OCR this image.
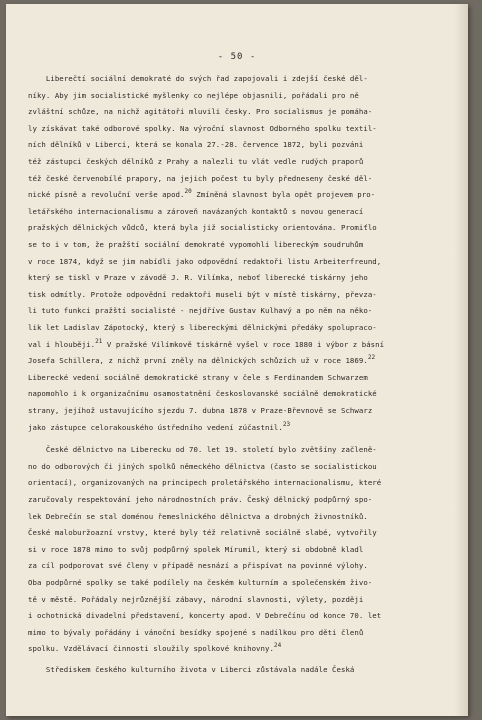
- 50 -
Liberečtí sociální demokraté do svých řad zapojovali i zdejší české děl-
níky. Aby jim socialistické myšlenky co nejlépe objasnili, pořádali pro ně
zvláštní schůze, na nichž agitátoři mluvili česky. Pro socialismus je pomáha-
ly získávat také odborové spolky. Na výroční slavnost Odborného spolku textil-
ních dělníků v Liberci, která se konala 27.-28. července 1872, byli pozváni
též zástupci českých dělníků z Prahy a nalezli tu vlát vedle rudých praporů
též české červenobílé prapory, na jejich počest tu byly předneseny české děl-
nické písně a revoluční verše apod.$^{20}$ Zmíněná slavnost byla opět projevem pro-
letářského internacionalismu a zároveň navázaných kontaktů s novou generací
pražských dělnických vůdců, která byla již socialisticky orientována. Promiťlo
se to i v tom, že pražští sociální demokraté vypomohli libereckým soudruhům
v roce 1874, když se jim nabídli jako odpovědní redaktoři listu Arbeiterfreund,
který se tiskl v Praze v závodě J. R. Vilímka, neboť liberecké tiskárny jeho
tisk odmítly. Protože odpovědní redaktoři museli být v místě tiskárny, převza-
li tuto funkci pražští socialisté - nejdříve Gustav Kulhavý a po něm na něko-
lik let Ladislav Zápotocký, který s libereckými dělnickými předáky spolupraco-
val i hlouběji.$^{21}$ V pražské Vilímkově tiskárně vyšel v roce 1880 i výbor z básní
Josefa Schillera, z nichž první zněly na dělnických schůzích už v roce 1869.22
Liberecké vedení sociálně demokratické strany v čele s Ferdinandem Schwarzem
napomohlo i k organizačnímu osamostatnění českoslovanské sociálně demokratické
strany, jejíhož ustavujícího sjezdu 7. dubna 1878 v Praze-Břevnově se Schwarz
jako zástupce celorakouského ústředního vedení zúčastnil.$^{23}$
České dělnictvo na Liberecku od 70. let 19. století bylo zvětšíny začleně-
no do odborových či jiných spolků německého dělnictva (často se socialistickou
orientací), organizovaných na principech proletářského internacionalismu, které
zaručovaly respektování jeho národnostních práv. Český dělnický podpůrný spo-
lek Debrečín se stal doménou řemeslnického dělnictva a drobných živnostníků.
České maloburžoazní vrstvy, které byly též relativně sociálně slabé, vytvořily
si v roce 1878 mimo to svůj podpůrný spolek Mírumil, který si obdobně kladl
za cíl podporovat své členy v případě nesnází a přispívat na povinné výlohy.
Oba podpůrné spolky se také podílely na českém kulturním a společenském živo-
tě v městě. Pořádaly nejrůznější zábavy, národní slavnosti, výlety, později
i ochotnická divadelní představení, koncerty apod. V Debrečínu od konce 70. let
mimo to bývaly pořádány i vánoční besídky spojené s nadílkou pro děti členů
spolku. Vzdělávací činnosti sloužily spolkové knihovny.$^{24}$
Střediskem českého kulturního života v Liberci zůstávala nadále Česká
